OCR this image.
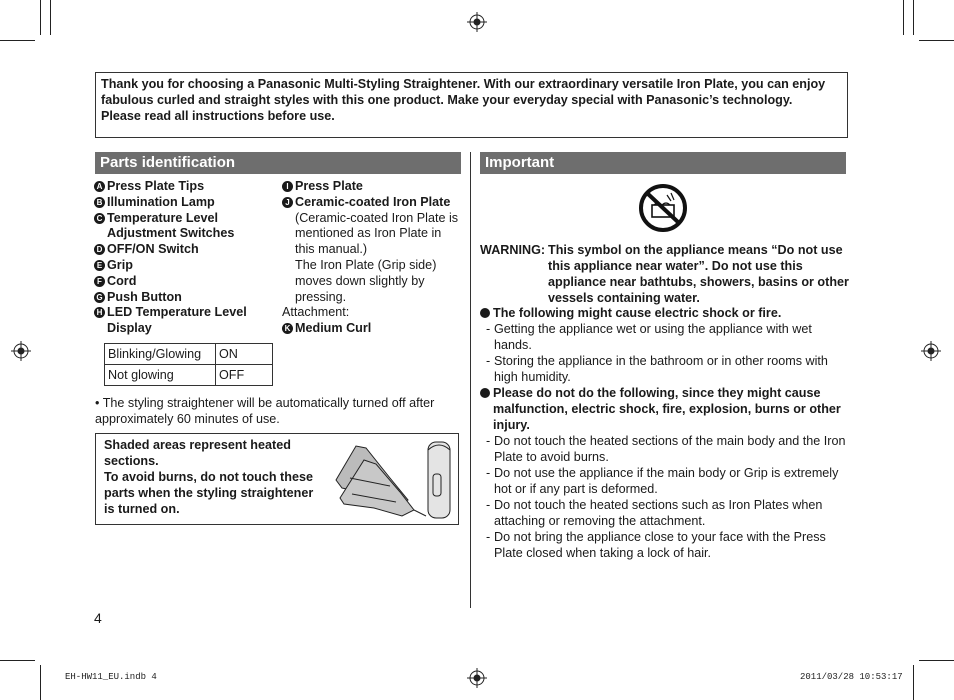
Thank you for choosing a Panasonic Multi-Styling Straightener. With our extraordinary versatile Iron Plate, you can enjoy fabulous curled and straight styles with this one product. Make your everyday special with Panasonic’s technology.
Please read all instructions before use.
Parts identification
A Press Plate Tips
B Illumination Lamp
C Temperature Level Adjustment Switches
D OFF/ON Switch
E Grip
F Cord
G Push Button
H LED Temperature Level Display
I Press Plate
J Ceramic-coated Iron Plate
(Ceramic-coated Iron Plate is mentioned as Iron Plate in this manual.)
The Iron Plate (Grip side) moves down slightly by pressing.
Attachment:
K Medium Curl
Blinking/Glowing	ON
Not glowing	OFF
• The styling straightener will be automatically turned off after approximately 60 minutes of use.
Shaded areas represent heated sections.
To avoid burns, do not touch these parts when the styling straightener is turned on.
Important
WARNING: This symbol on the appliance means “Do not use this appliance near water”. Do not use this appliance near bathtubs, showers, basins or other vessels containing water.
The following might cause electric shock or fire.
- Getting the appliance wet or using the appliance with wet hands.
- Storing the appliance in the bathroom or in other rooms with high humidity.
Please do not do the following, since they might cause malfunction, electric shock, fire, explosion, burns or other injury.
- Do not touch the heated sections of the main body and the Iron Plate to avoid burns.
- Do not use the appliance if the main body or Grip is extremely hot or if any part is deformed.
- Do not touch the heated sections such as Iron Plates when attaching or removing the attachment.
- Do not bring the appliance close to your face with the Press Plate closed when taking a lock of hair.
4
EH-HW11_EU.indb 4	2011/03/28 10:53:17
